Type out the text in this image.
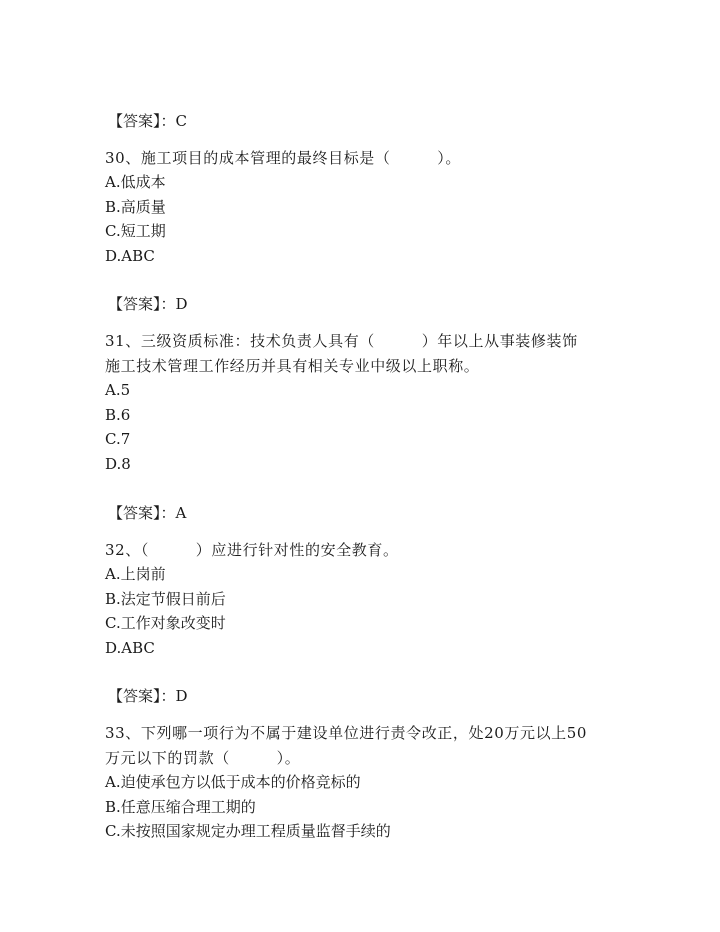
【答案】：C
30、施工项目的成本管理的最终目标是（　　　）。
A.低成本
B.高质量
C.短工期
D.ABC
【答案】：D
31、三级资质标准：技术负责人具有（　　　）年以上从事装修装饰
施工技术管理工作经历并具有相关专业中级以上职称。
A.5
B.6
C.7
D.8
【答案】：A
32、（　　　）应进行针对性的安全教育。
A.上岗前
B.法定节假日前后
C.工作对象改变时
D.ABC
【答案】：D
33、下列哪一项行为不属于建设单位进行责令改正，处20万元以上50
万元以下的罚款（　　　）。
A.迫使承包方以低于成本的价格竞标的
B.任意压缩合理工期的
C.未按照国家规定办理工程质量监督手续的
